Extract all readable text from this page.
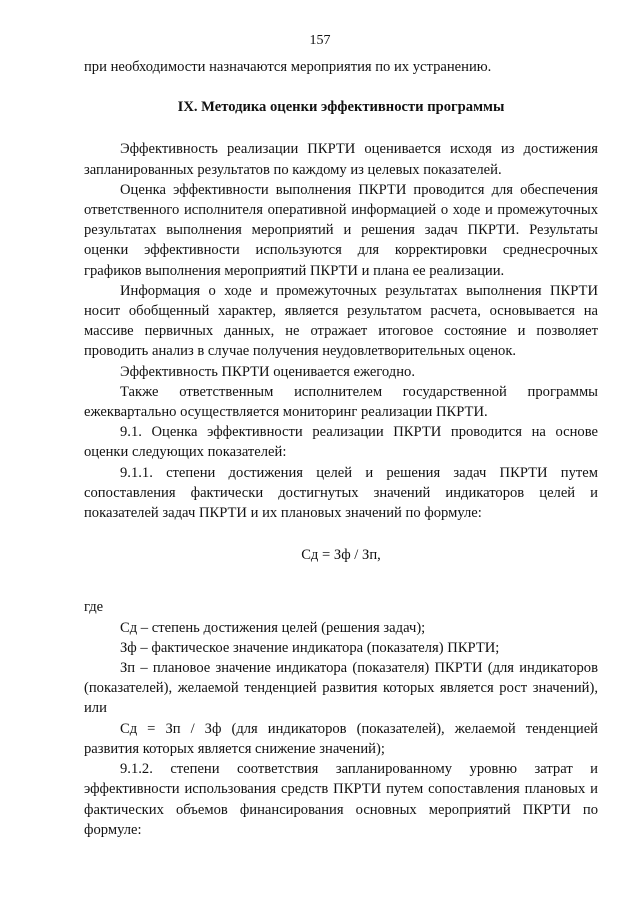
157

при необходимости назначаются мероприятия по их устранению.

IX. Методика оценки эффективности программы

Эффективность реализации ПКРТИ оценивается исходя из достижения запланированных результатов по каждому из целевых показателей.

Оценка эффективности выполнения ПКРТИ проводится для обеспечения ответственного исполнителя оперативной информацией о ходе и промежуточных результатах выполнения мероприятий и решения задач ПКРТИ. Результаты оценки эффективности используются для корректировки среднесрочных графиков выполнения мероприятий ПКРТИ и плана ее реализации.

Информация о ходе и промежуточных результатах выполнения ПКРТИ носит обобщенный характер, является результатом расчета, основывается на массиве первичных данных, не отражает итоговое состояние и позволяет проводить анализ в случае получения неудовлетворительных оценок.

Эффективность ПКРТИ оценивается ежегодно.

Также ответственным исполнителем государственной программы ежеквартально осуществляется мониторинг реализации ПКРТИ.

9.1. Оценка эффективности реализации ПКРТИ проводится на основе оценки следующих показателей:

9.1.1. степени достижения целей и решения задач ПКРТИ путем сопоставления фактически достигнутых значений индикаторов целей и показателей задач ПКРТИ и их плановых значений по формуле:

Сд = Зф / Зп,

где

Сд – степень достижения целей (решения задач);

Зф – фактическое значение индикатора (показателя) ПКРТИ;

Зп – плановое значение индикатора (показателя) ПКРТИ (для индикаторов (показателей), желаемой тенденцией развития которых является рост значений), или

Сд = Зп / Зф (для индикаторов (показателей), желаемой тенденцией развития которых является снижение значений);

9.1.2. степени соответствия запланированному уровню затрат и эффективности использования средств ПКРТИ путем сопоставления плановых и фактических объемов финансирования основных мероприятий ПКРТИ по формуле:
